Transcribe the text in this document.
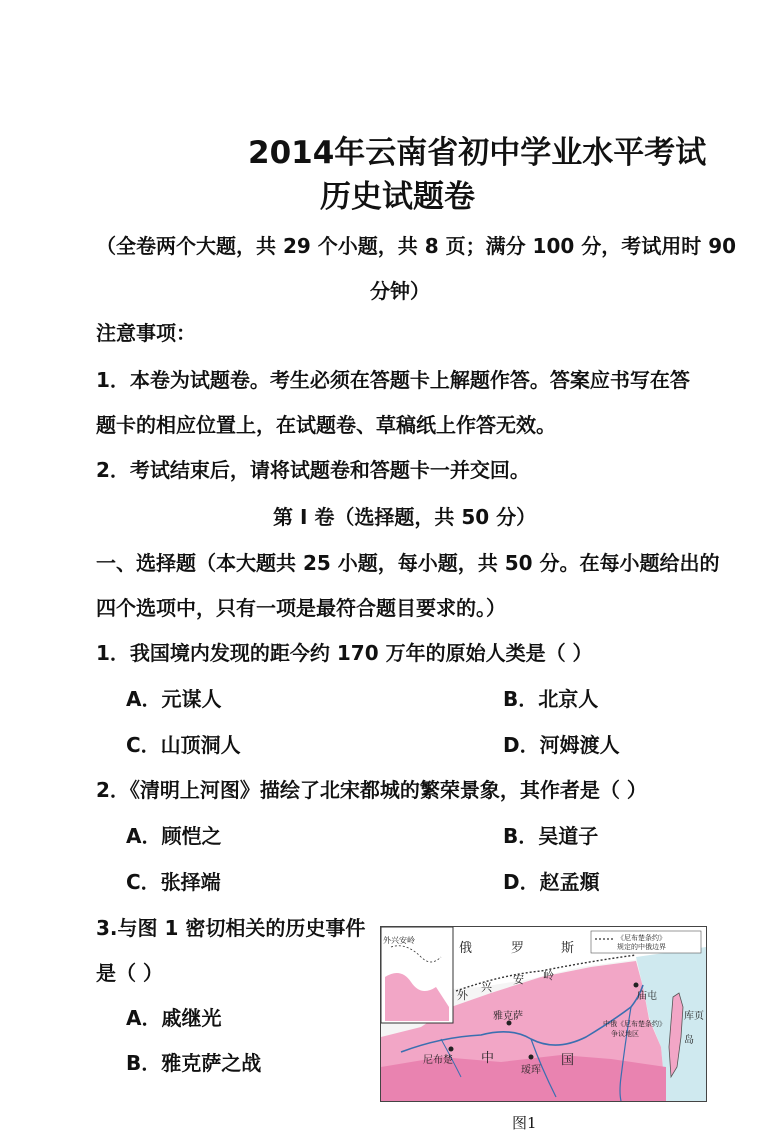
2014年云南省初中学业水平考试
历史试题卷
（全卷两个大题，共 29 个小题，共 8 页；满分 100 分，考试用时 90
分钟）
注意事项：
1．本卷为试题卷。考生必须在答题卡上解题作答。答案应书写在答
题卡的相应位置上，在试题卷、草稿纸上作答无效。
2．考试结束后，请将试题卷和答题卡一并交回。
第 I 卷（选择题，共 50 分）
一、选择题（本大题共 25 小题，每小题，共 50 分。在每小题给出的
四个选项中，只有一项是最符合题目要求的。）
1．我国境内发现的距今约 170 万年的原始人类是（ ）
A．元谋人	B．北京人
C．山顶洞人	D．河姆渡人
2．《清明上河图》描绘了北宋都城的繁荣景象，其作者是（ ）
A．顾恺之	B．吴道子
C．张择端	D．赵孟頫
3.与图 1 密切相关的历史事件
是（ ）
A．戚继光
B．雅克萨之战
俄	罗	斯
外兴安岭
外
兴
安 岭
雅克萨
尼布楚
瑷珲
中	国
中俄《尼布楚条约》
争议地区
庙屯
库页
岛
《尼布楚条约》
规定的中俄边界
图1
